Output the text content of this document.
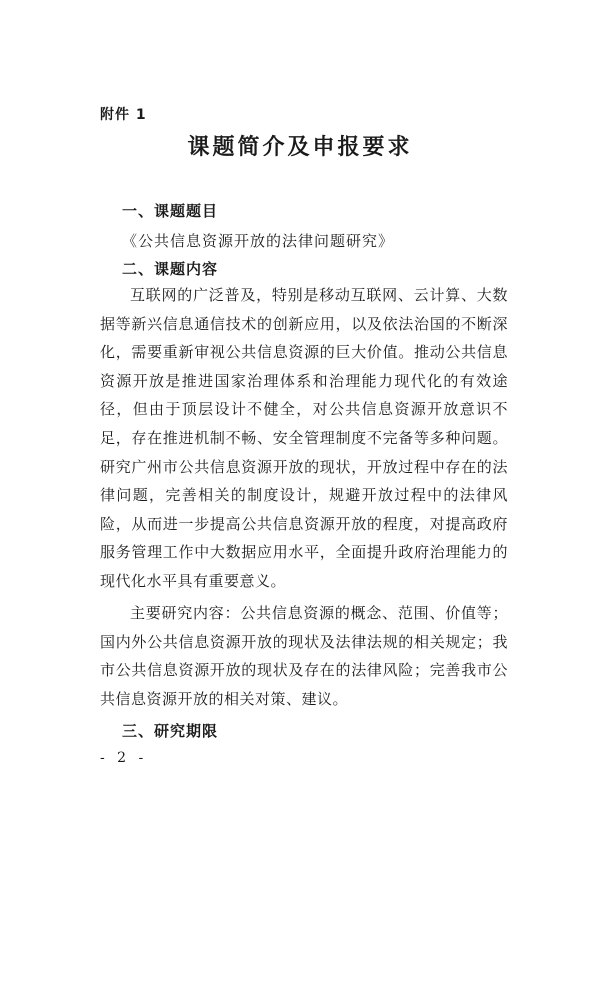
附件 1
课题简介及申报要求
一、课题题目
《公共信息资源开放的法律问题研究》
二、课题内容

互联网的广泛普及，特别是移动互联网、云计算、大数据等新兴信息通信技术的创新应用，以及依法治国的不断深化，需要重新审视公共信息资源的巨大价值。推动公共信息资源开放是推进国家治理体系和治理能力现代化的有效途径，但由于顶层设计不健全，对公共信息资源开放意识不足，存在推进机制不畅、安全管理制度不完备等多种问题。研究广州市公共信息资源开放的现状，开放过程中存在的法律问题，完善相关的制度设计，规避开放过程中的法律风险，从而进一步提高公共信息资源开放的程度，对提高政府服务管理工作中大数据应用水平，全面提升政府治理能力的现代化水平具有重要意义。

主要研究内容：公共信息资源的概念、范围、价值等；国内外公共信息资源开放的现状及法律法规的相关规定；我市公共信息资源开放的现状及存在的法律风险；完善我市公共信息资源开放的相关对策、建议。

三、研究期限
- 2 -
